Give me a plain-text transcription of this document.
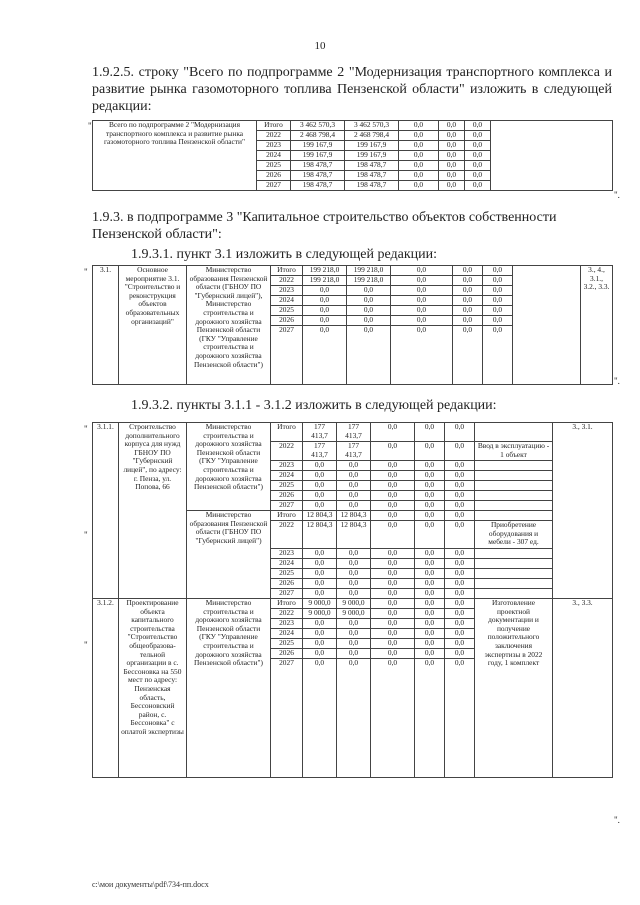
10
1.9.2.5. строку "Всего по подпрограмме 2 "Модернизация транспортного комплекса и развитие рынка газомоторного топлива Пензенской области" изложить в следующей редакции:
" Всего по подпрограмме 2 "Модернизация транспортного комплекса и развитие рынка газомоторного топлива Пензенской области"	Итого	3 462 570,3	3 462 570,3	0,0	0,0	0,0	
	2022	2 468 798,4	2 468 798,4	0,0	0,0	0,0	
	2023	199 167,9	199 167,9	0,0	0,0	0,0	
	2024	199 167,9	199 167,9	0,0	0,0	0,0	
	2025	198 478,7	198 478,7	0,0	0,0	0,0	
	2026	198 478,7	198 478,7	0,0	0,0	0,0	
	2027	198 478,7	198 478,7	0,0	0,0	0,0	
".
1.9.3. в подпрограмме 3 "Капитальное строительство объектов собственности Пензенской области":
1.9.3.1. пункт 3.1 изложить в следующей редакции:
" 3.1.	Основное мероприятие 3.1. "Строительство и реконструкция объектов образовательных организаций"	Министерство образования Пензенской области (ГБНОУ ПО "Губернский лицей"), Министерство строительства и дорожного хозяйства Пензенской области (ГКУ "Управление строительства и дорожного хозяйства Пензенской области")	Итого	199 218,0	199 218,0	0,0	0,0	0,0		3., 4., 3.1., 3.2., 3.3.
			2022	199 218,0	199 218,0	0,0	0,0	0,0		
			2023	0,0	0,0	0,0	0,0	0,0		
			2024	0,0	0,0	0,0	0,0	0,0		
			2025	0,0	0,0	0,0	0,0	0,0		
			2026	0,0	0,0	0,0	0,0	0,0		
			2027	0,0	0,0	0,0	0,0	0,0		
".
1.9.3.2. пункты 3.1.1 - 3.1.2 изложить в следующей редакции:
" 3.1.1.	Строительство дополнительного корпуса для нужд ГБНОУ ПО "Губернский лицей", по адресу: г. Пенза, ул. Попова, 66	Министерство строительства и дорожного хозяйства Пензенской области (ГКУ "Управление строительства и дорожного хозяйства Пензенской области")	Итого	177 413,7	177 413,7	0,0	0,0	0,0		3., 3.1.
			2022	177 413,7	177 413,7	0,0	0,0	0,0	Ввод в эксплуатацию - 1 объект	
			2023	0,0	0,0	0,0	0,0	0,0		
			2024	0,0	0,0	0,0	0,0	0,0		
			2025	0,0	0,0	0,0	0,0	0,0		
			2026	0,0	0,0	0,0	0,0	0,0		
			2027	0,0	0,0	0,0	0,0	0,0		
		Министерство образования Пензенской области (ГБНОУ ПО "Губернский лицей")	Итого	12 804,3	12 804,3	0,0	0,0	0,0		
			2022	12 804,3	12 804,3	0,0	0,0	0,0	Приобретение оборудования и мебели - 307 ед.	
			2023	0,0	0,0	0,0	0,0	0,0		
			2024	0,0	0,0	0,0	0,0	0,0		
			2025	0,0	0,0	0,0	0,0	0,0		
			2026	0,0	0,0	0,0	0,0	0,0		
			2027	0,0	0,0	0,0	0,0	0,0		
3.1.2.	Проектирование объекта капитального строительства "Строительство общеобразова-тельной организации в с. Бессоновка на 550 мест по адресу: Пензенская область, Бессоновский район, с. Бессоновка" с оплатой экспертизы	Министерство строительства и дорожного хозяйства Пензенской области (ГКУ "Управление строительства и дорожного хозяйства Пензенской области")	Итого	9 000,0	9 000,0	0,0	0,0	0,0	Изготовление проектной документации и получение положительного заключения экспертизы в 2022 году, 1 комплект	3., 3.3.
			2022	9 000,0	9 000,0	0,0	0,0	0,0		
			2023	0,0	0,0	0,0	0,0	0,0		
			2024	0,0	0,0	0,0	0,0	0,0		
			2025	0,0	0,0	0,0	0,0	0,0		
			2026	0,0	0,0	0,0	0,0	0,0		
			2027	0,0	0,0	0,0	0,0	0,0		
"
"
".
c:\мои документы\pdf\734-пп.docx
